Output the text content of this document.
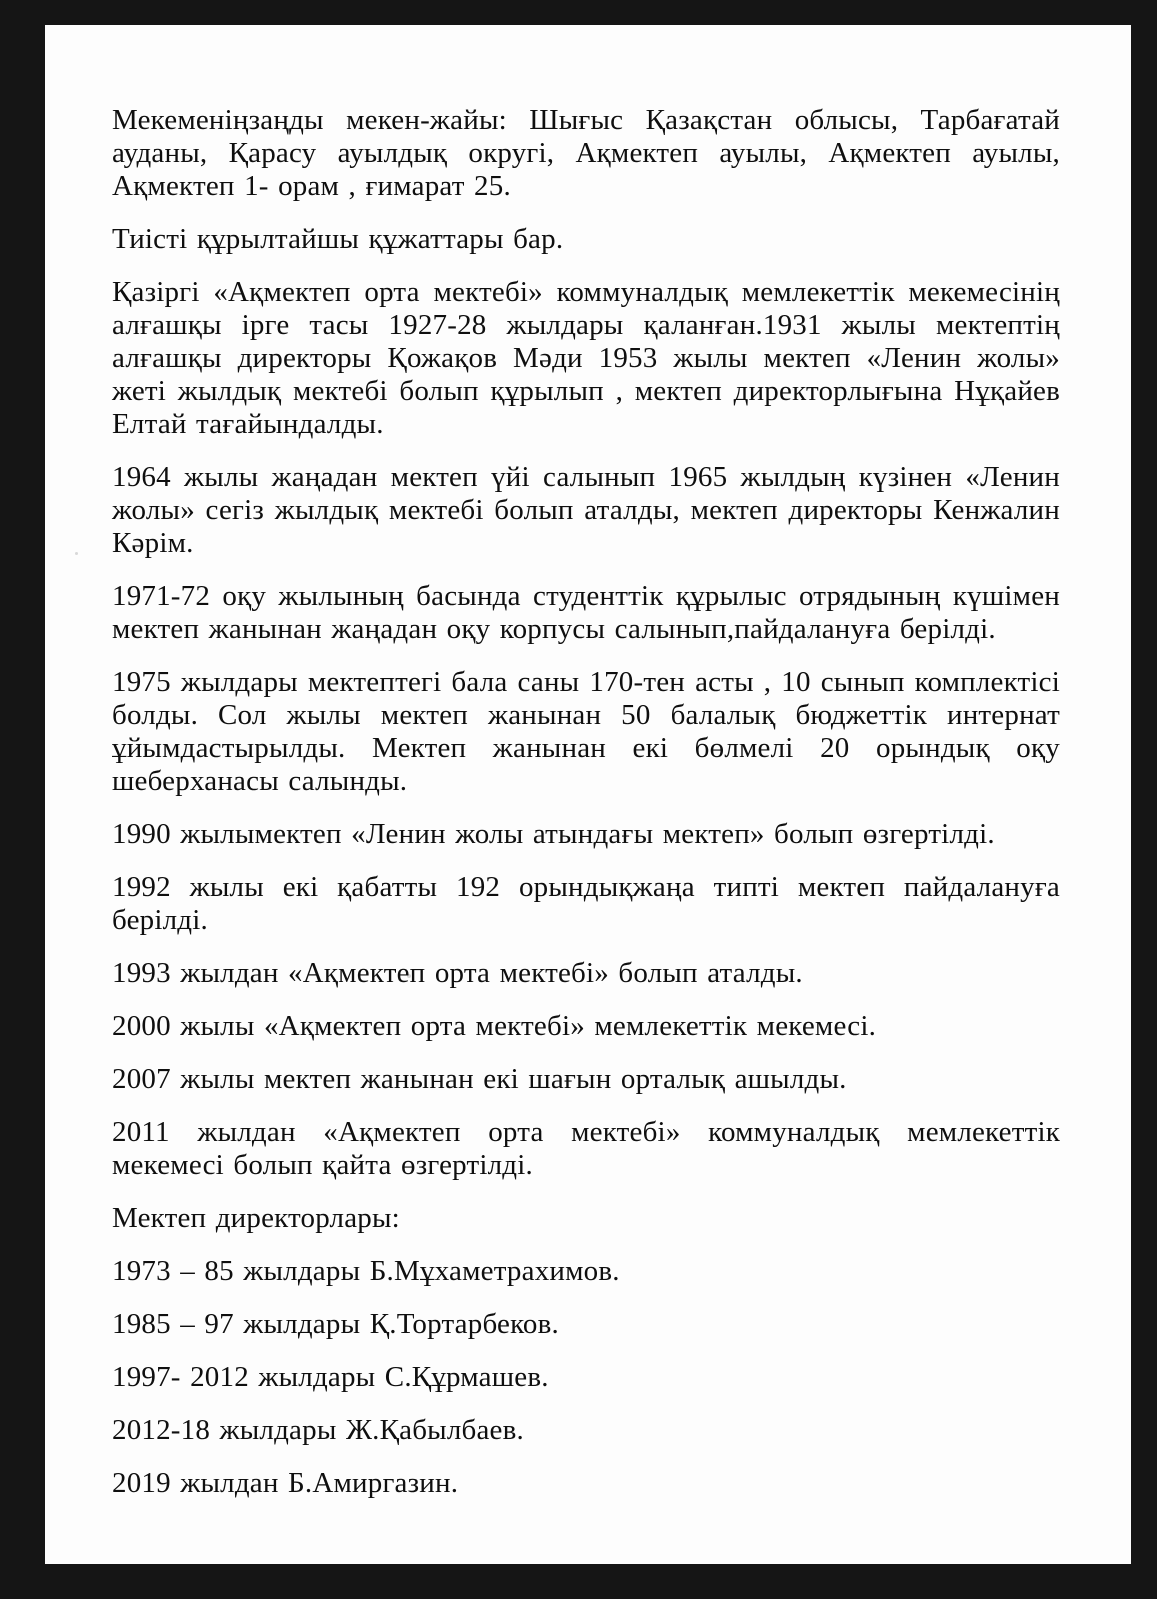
Мекеменіңзаңды мекен-жайы: Шығыс Қазақстан облысы, Тарбағатай ауданы, Қарасу ауылдық округі, Ақмектеп ауылы, Ақмектеп ауылы, Ақмектеп 1- орам , ғимарат 25.

Тиісті құрылтайшы құжаттары бар.

Қазіргі «Ақмектеп орта мектебі» коммуналдық мемлекеттік мекемесінің алғашқы ірге тасы 1927-28 жылдары қаланған.1931 жылы мектептің алғашқы директоры Қожақов Мәди 1953 жылы мектеп «Ленин жолы» жеті жылдық мектебі болып құрылып , мектеп директорлығына Нұқайев Елтай тағайындалды.

1964 жылы жаңадан мектеп үйі салынып 1965 жылдың күзінен «Ленин жолы» сегіз жылдық мектебі болып аталды, мектеп директоры Кенжалин Кәрім.

1971-72 оқу жылының басында студенттік құрылыс отрядының күшімен мектеп жанынан жаңадан оқу корпусы салынып,пайдалануға берілді.

1975 жылдары мектептегі бала саны 170-тен асты , 10 сынып комплектісі болды. Сол жылы мектеп жанынан 50 балалық бюджеттік интернат ұйымдастырылды. Мектеп жанынан екі бөлмелі 20 орындық оқу шеберханасы салынды.

1990 жылымектеп «Ленин жолы атындағы мектеп» болып өзгертілді.

1992 жылы екі қабатты 192 орындықжаңа типті мектеп пайдалануға берілді.

1993 жылдан «Ақмектеп орта мектебі» болып аталды.

2000 жылы «Ақмектеп орта мектебі» мемлекеттік мекемесі.

2007 жылы мектеп жанынан екі шағын орталық ашылды.

2011 жылдан «Ақмектеп орта мектебі» коммуналдық мемлекеттік мекемесі болып қайта өзгертілді.

Мектеп директорлары:

1973 – 85 жылдары Б.Мұхаметрахимов.

1985 – 97 жылдары Қ.Тортарбеков.

1997- 2012 жылдары С.Құрмашев.

2012-18 жылдары Ж.Қабылбаев.

2019 жылдан Б.Амиргазин.
